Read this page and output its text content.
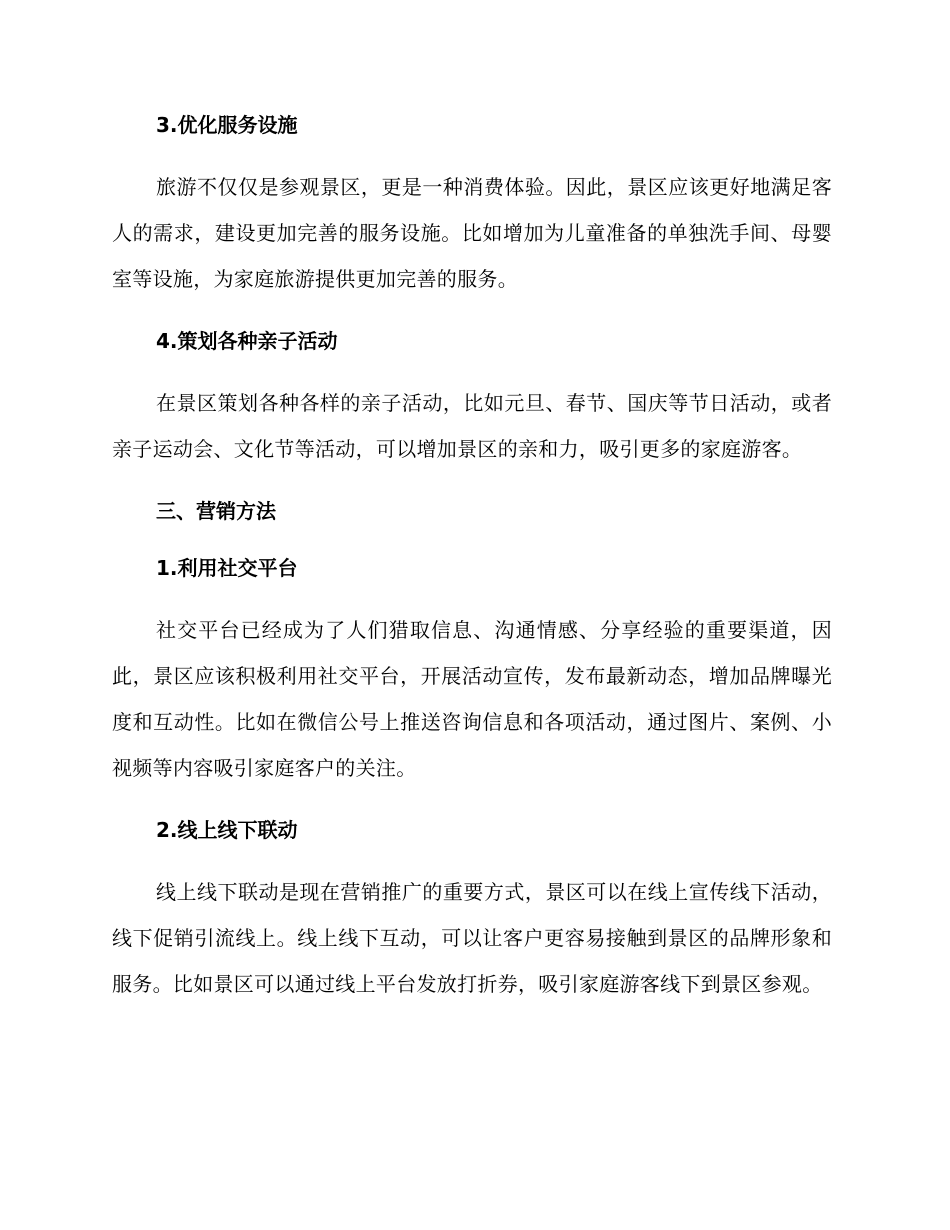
3.优化服务设施

旅游不仅仅是参观景区，更是一种消费体验。因此，景区应该更好地满足客人的需求，建设更加完善的服务设施。比如增加为儿童准备的单独洗手间、母婴室等设施，为家庭旅游提供更加完善的服务。

4.策划各种亲子活动

在景区策划各种各样的亲子活动，比如元旦、春节、国庆等节日活动，或者亲子运动会、文化节等活动，可以增加景区的亲和力，吸引更多的家庭游客。

三、营销方法
1.利用社交平台

社交平台已经成为了人们猎取信息、沟通情感、分享经验的重要渠道，因此，景区应该积极利用社交平台，开展活动宣传，发布最新动态，增加品牌曝光度和互动性。比如在微信公号上推送咨询信息和各项活动，通过图片、案例、小视频等内容吸引家庭客户的关注。

2.线上线下联动

线上线下联动是现在营销推广的重要方式，景区可以在线上宣传线下活动，线下促销引流线上。线上线下互动，可以让客户更容易接触到景区的品牌形象和服务。比如景区可以通过线上平台发放打折券，吸引家庭游客线下到景区参观。
